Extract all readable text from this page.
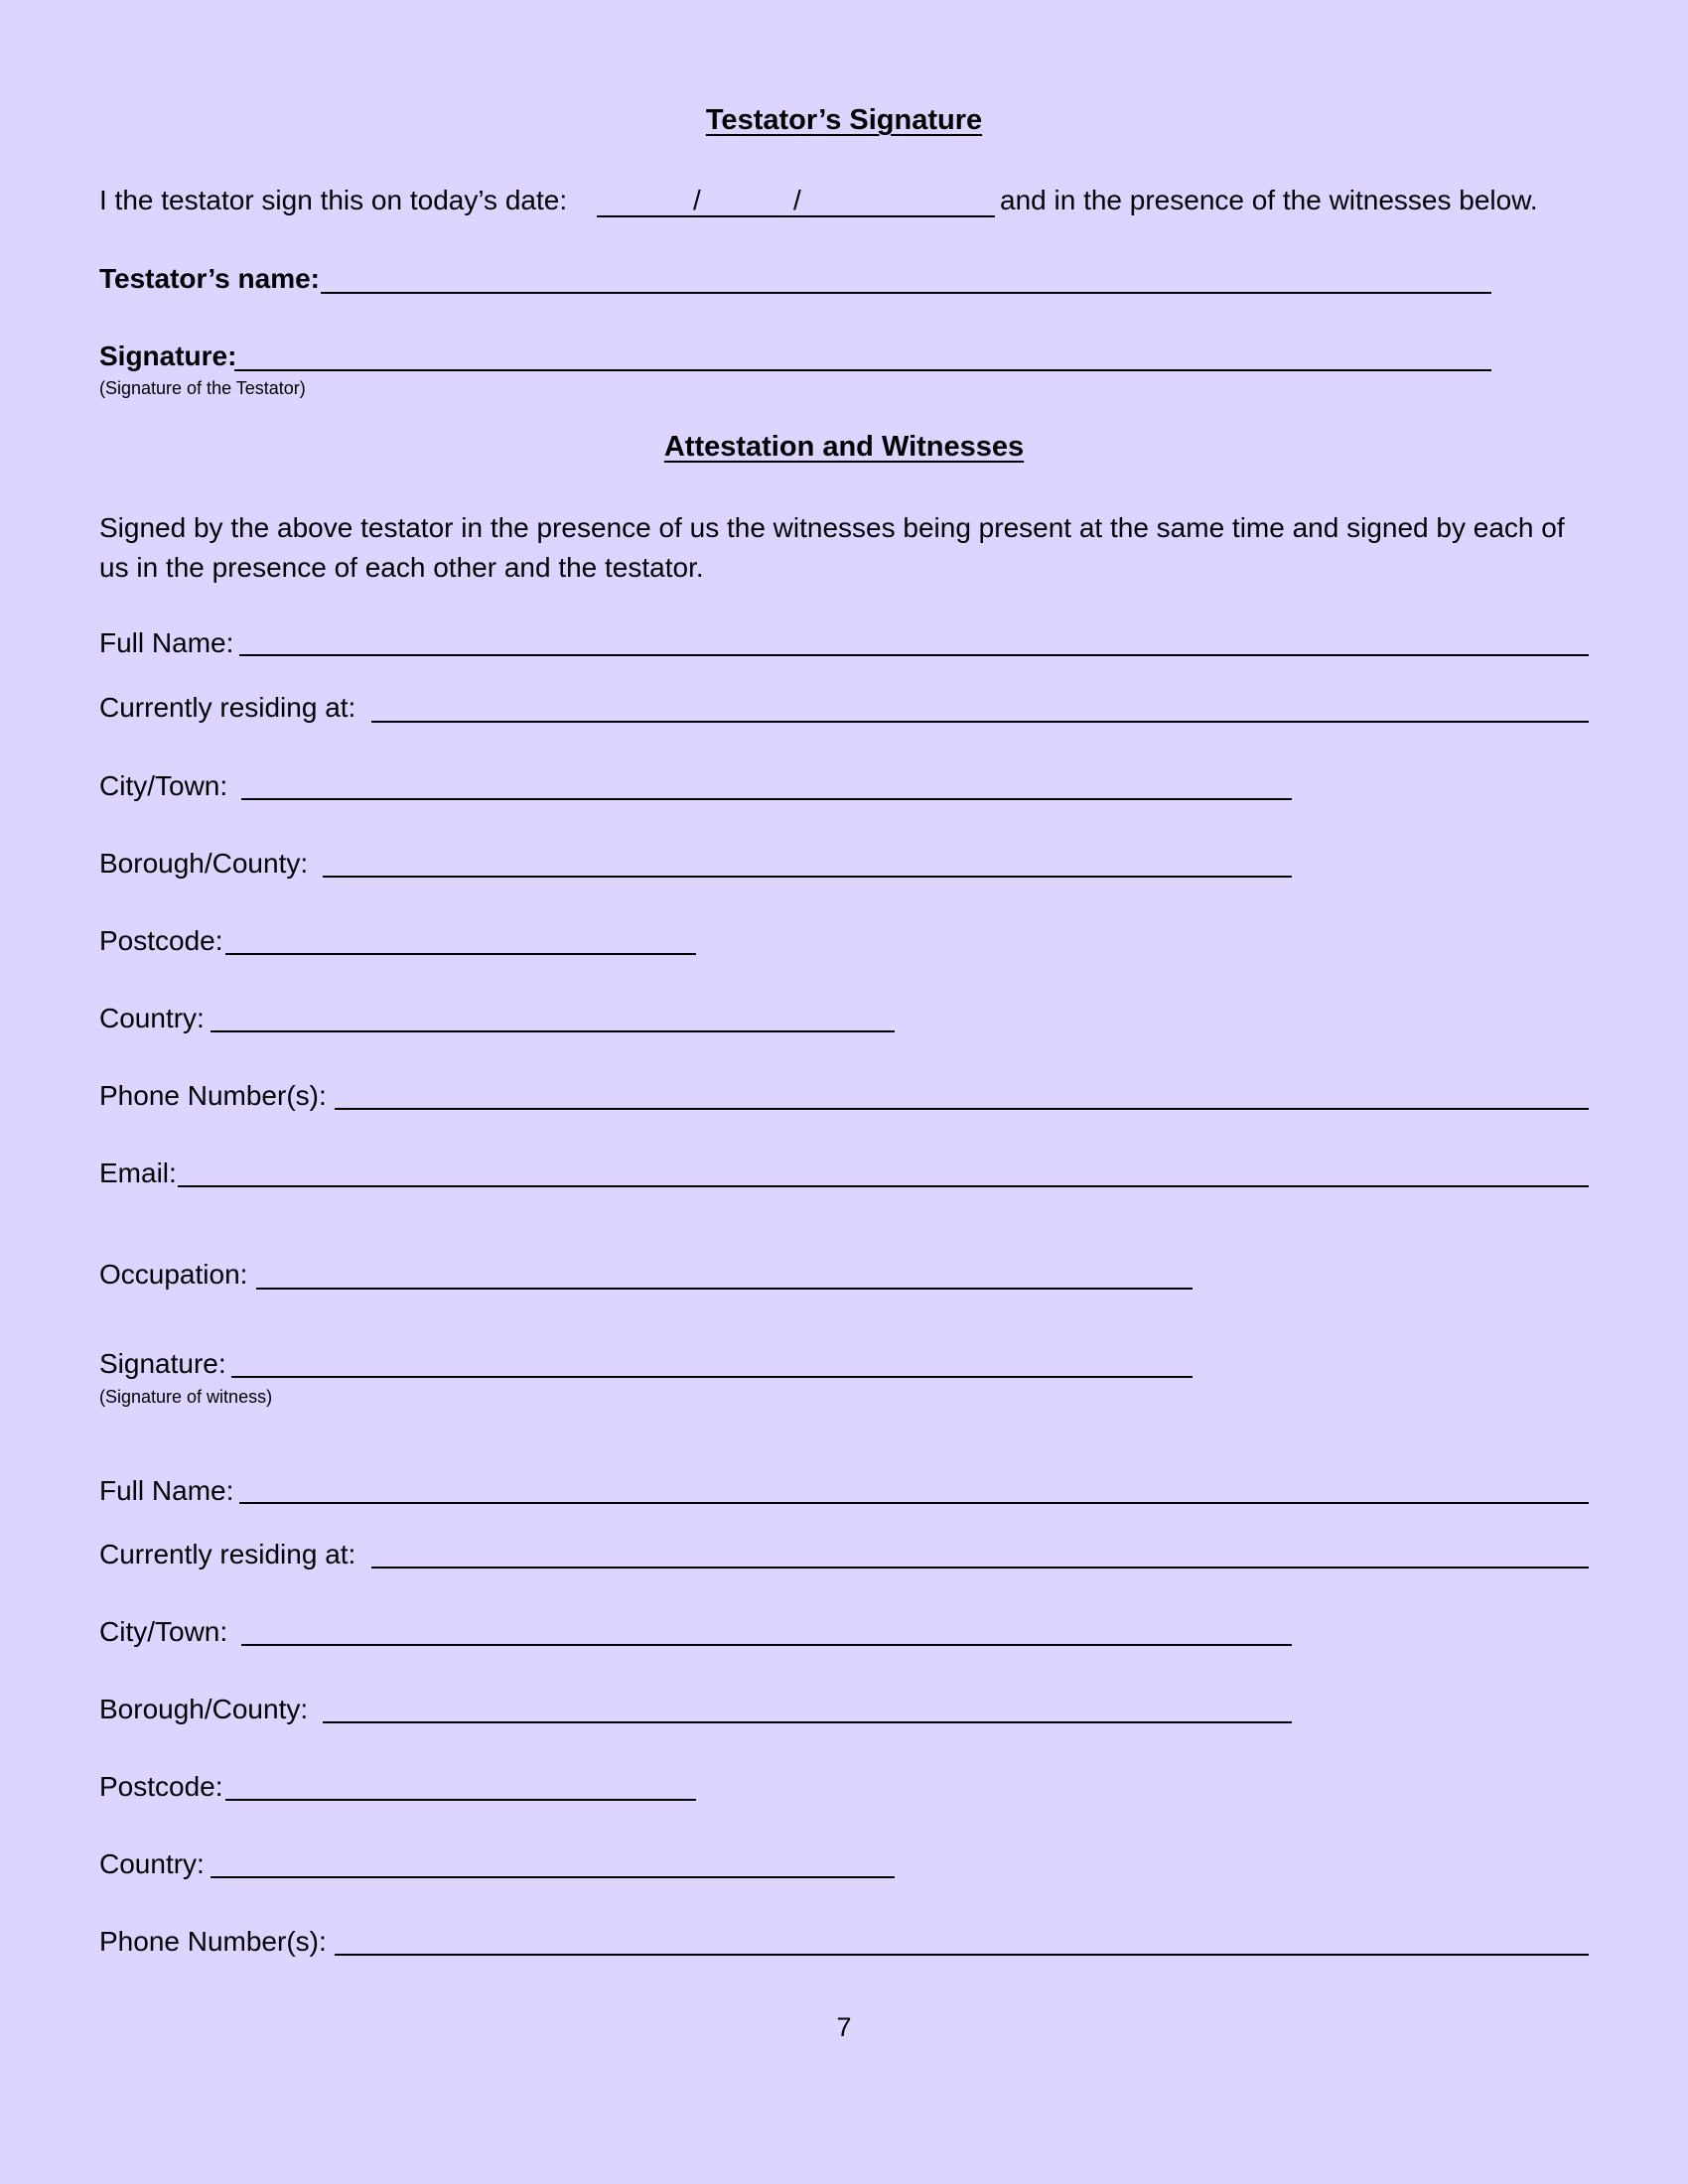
Testator’s Signature
I the testator sign this on today’s date:	/	/	and in the presence of the witnesses below.
Testator’s name:
Signature:
(Signature of the Testator)
Attestation and Witnesses
Signed by the above testator in the presence of us the witnesses being present at the same time and signed by each of us in the presence of each other and the testator.
Full Name:
Currently residing at:
City/Town:
Borough/County:
Postcode:
Country:
Phone Number(s):
Email:
Occupation:
Signature:
(Signature of witness)
Full Name:
Currently residing at:
City/Town:
Borough/County:
Postcode:
Country:
Phone Number(s):
7
